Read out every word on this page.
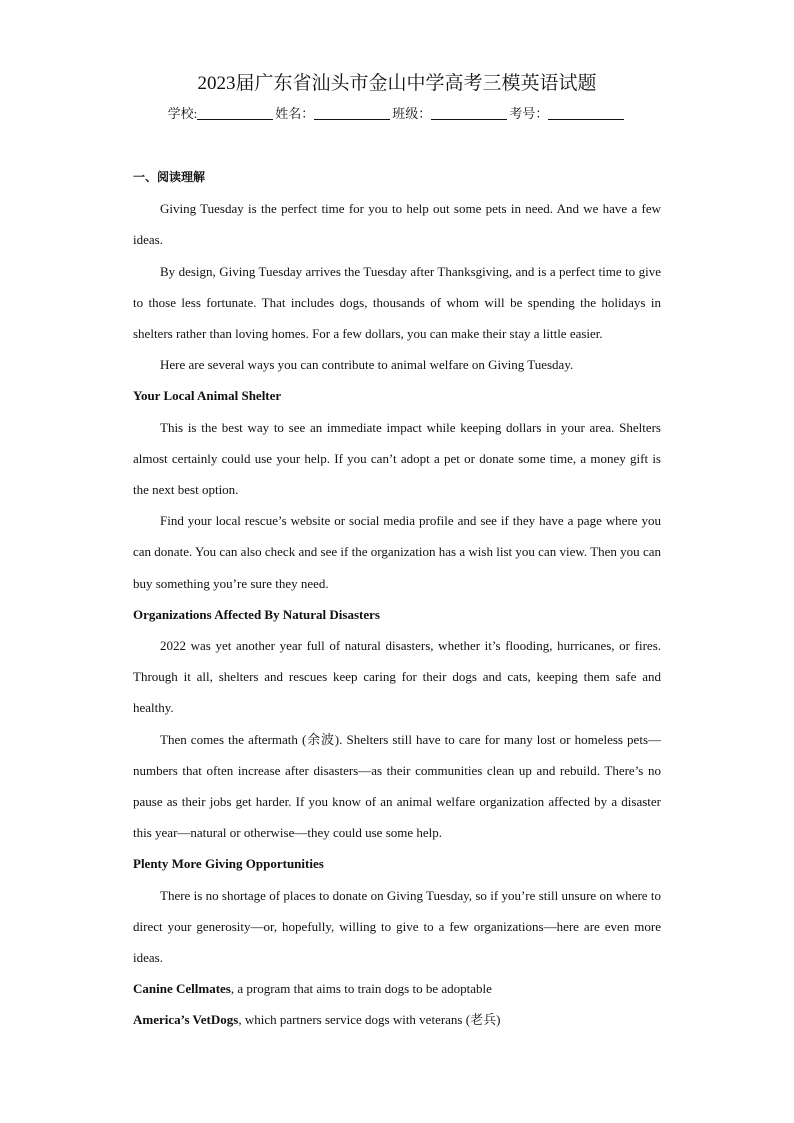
2023届广东省汕头市金山中学高考三模英语试题
学校:	姓名：	班级：	考号：

一、阅读理解

Giving Tuesday is the perfect time for you to help out some pets in need. And we have a few ideas.

By design, Giving Tuesday arrives the Tuesday after Thanksgiving, and is a perfect time to give to those less fortunate. That includes dogs, thousands of whom will be spending the holidays in shelters rather than loving homes. For a few dollars, you can make their stay a little easier.

Here are several ways you can contribute to animal welfare on Giving Tuesday.

Your Local Animal Shelter

This is the best way to see an immediate impact while keeping dollars in your area. Shelters almost certainly could use your help. If you can’t adopt a pet or donate some time, a money gift is the next best option.

Find your local rescue’s website or social media profile and see if they have a page where you can donate. You can also check and see if the organization has a wish list you can view. Then you can buy something you’re sure they need.

Organizations Affected By Natural Disasters

2022 was yet another year full of natural disasters, whether it’s flooding, hurricanes, or fires. Through it all, shelters and rescues keep caring for their dogs and cats, keeping them safe and healthy.

Then comes the aftermath (余波). Shelters still have to care for many lost or homeless pets—numbers that often increase after disasters—as their communities clean up and rebuild. There’s no pause as their jobs get harder. If you know of an animal welfare organization affected by a disaster this year—natural or otherwise—they could use some help.

Plenty More Giving Opportunities

There is no shortage of places to donate on Giving Tuesday, so if you’re still unsure on where to direct your generosity—or, hopefully, willing to give to a few organizations—here are even more ideas.

Canine Cellmates, a program that aims to train dogs to be adoptable

America’s VetDogs, which partners service dogs with veterans (老兵)
